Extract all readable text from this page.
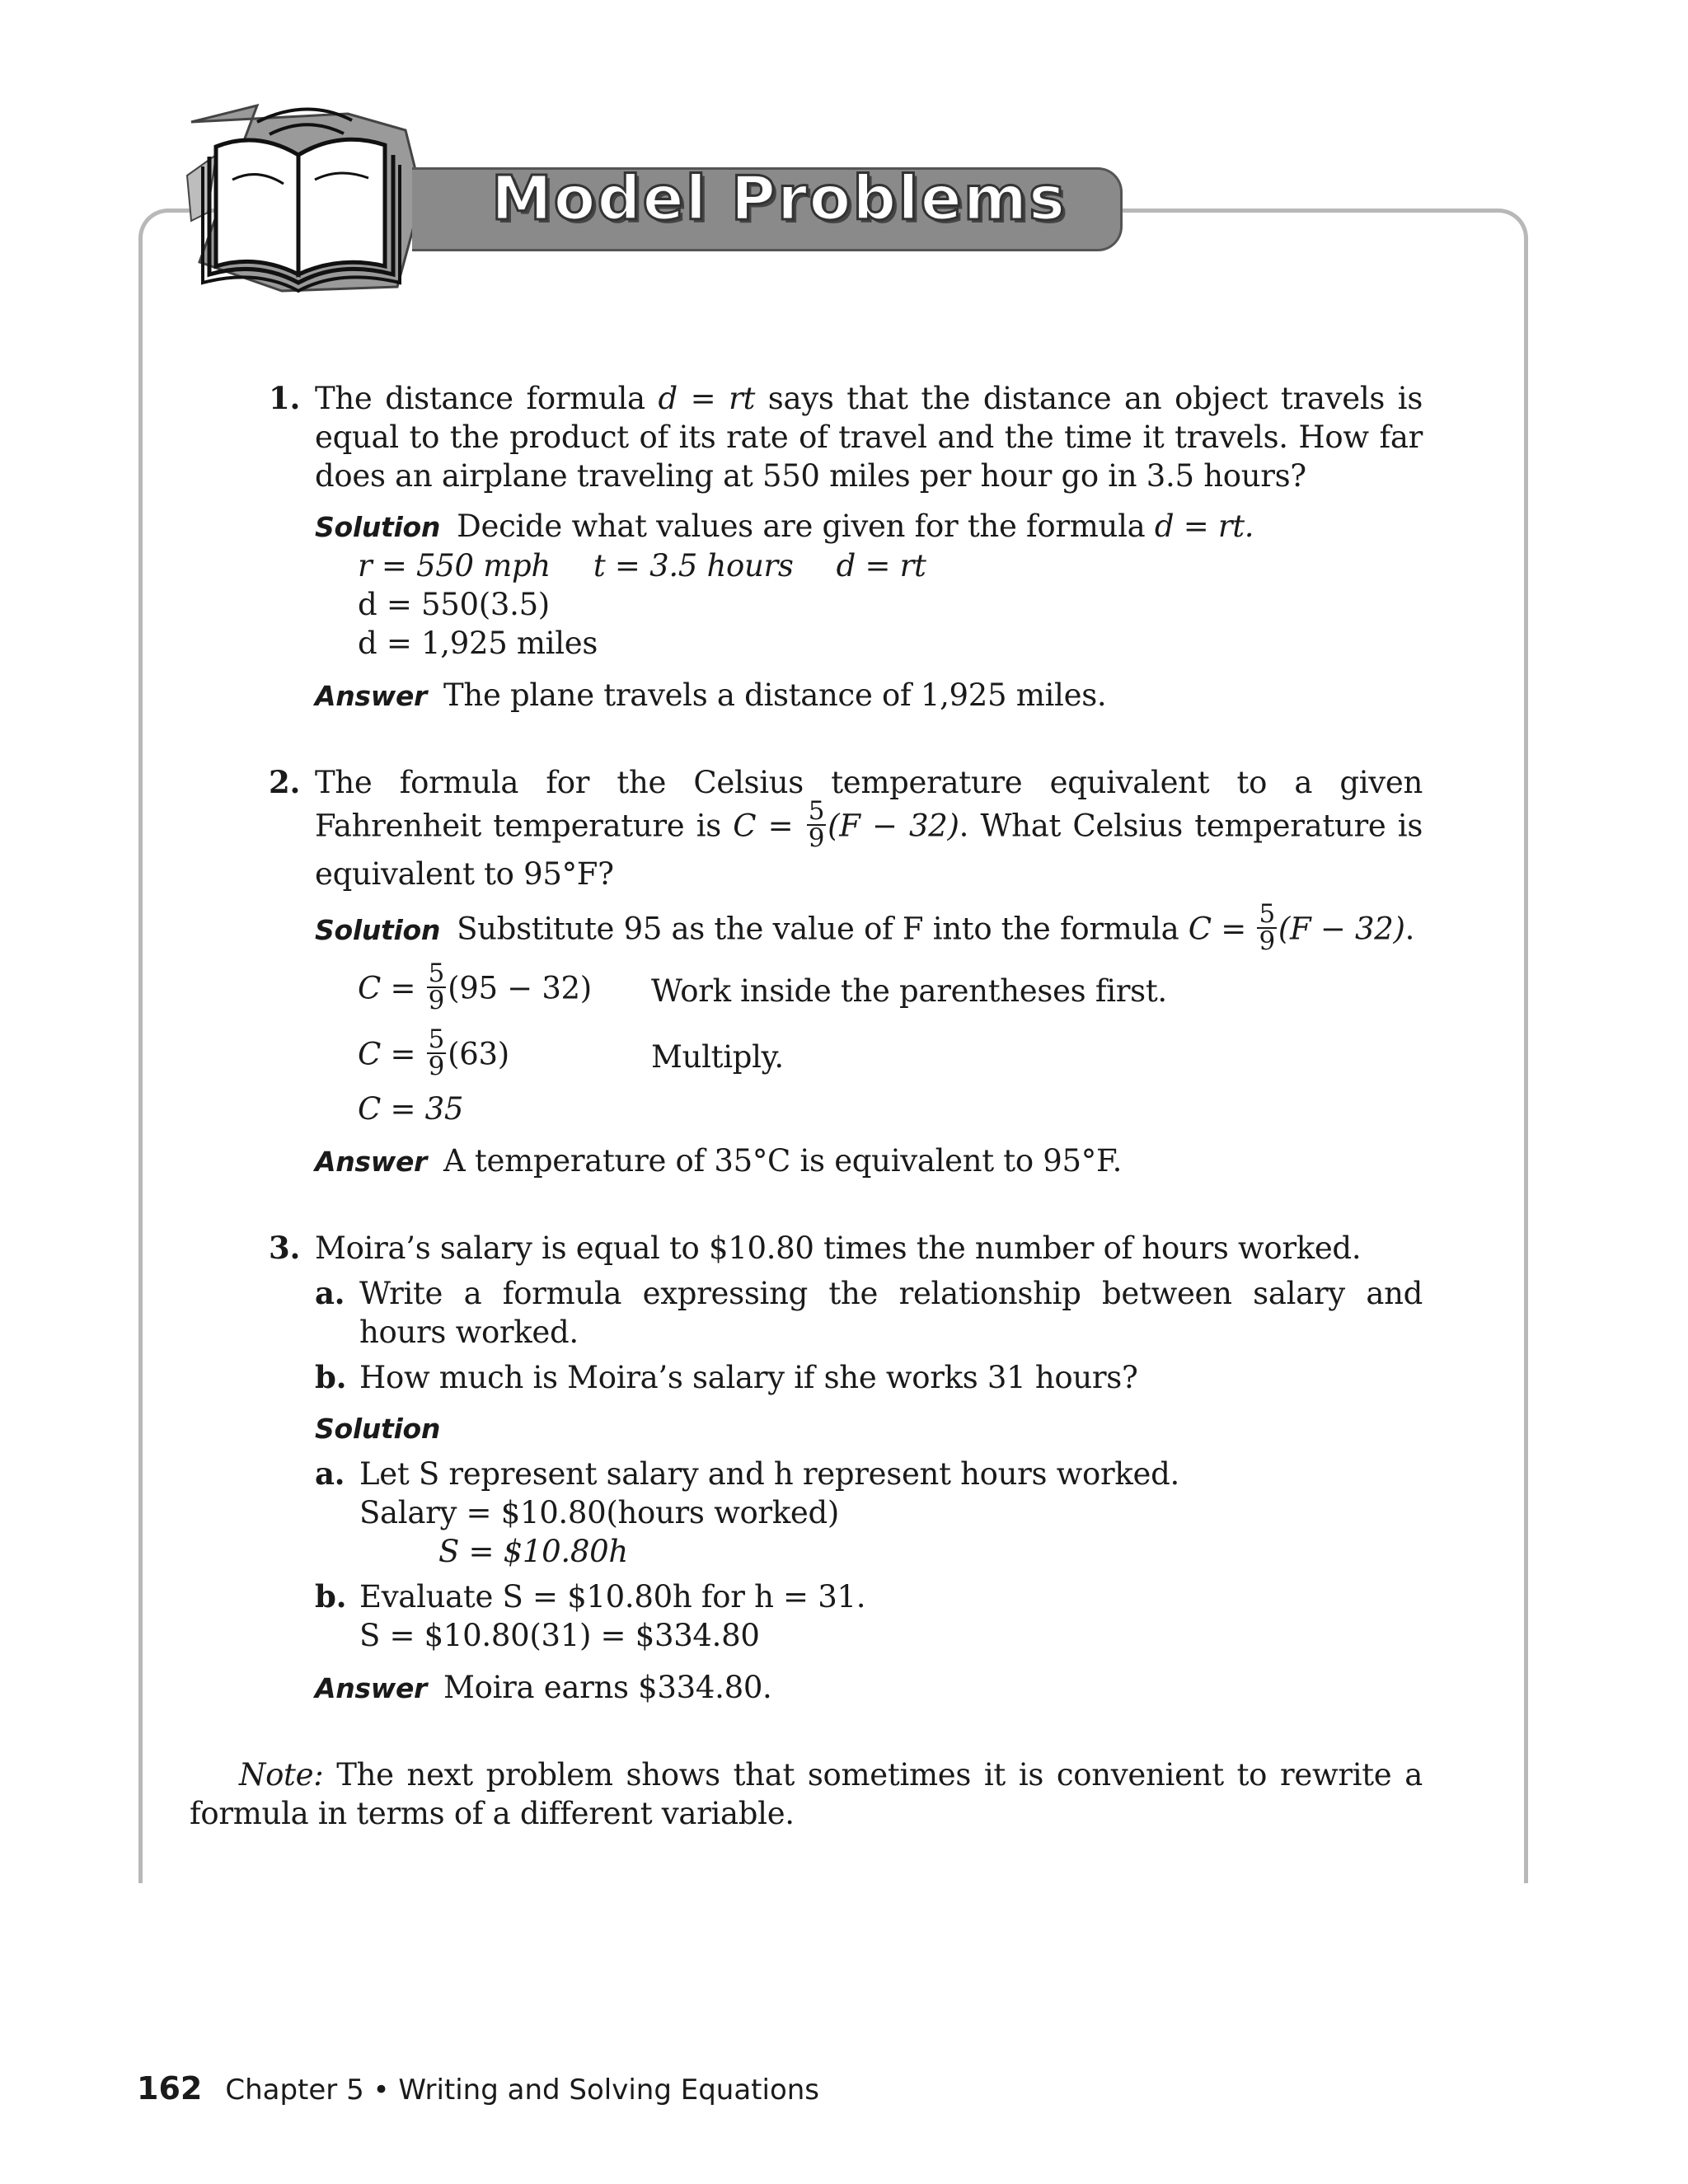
Model Problems
1. The distance formula d = rt says that the distance an object travels is equal to the product of its rate of travel and the time it travels. How far does an airplane traveling at 550 miles per hour go in 3.5 hours?
Solution Decide what values are given for the formula d = rt.
r = 550 mph t = 3.5 hours d = rt
d = 550(3.5)
d = 1,925 miles
Answer The plane travels a distance of 1,925 miles.
2. The formula for the Celsius temperature equivalent to a given Fahrenheit temperature is $C = \frac{5}{9} (F - 32)$. What Celsius temperature is equivalent to 95°F?
Solution Substitute 95 as the value of F into the formula $C = \frac{5}{9} (F - 32)$.
$C = \frac{5}{9} (95 - 32)$	Work inside the parentheses first.
$C = \frac{5}{9} (63)$	Multiply.
C = 35
Answer A temperature of 35°C is equivalent to 95°F.
3. Moira’s salary is equal to $10.80 times the number of hours worked.
a. Write a formula expressing the relationship between salary and hours worked.
b. How much is Moira’s salary if she works 31 hours?
Solution
a. Let S represent salary and h represent hours worked.
Salary = $10.80(hours worked)
S = $10.80h
b. Evaluate S = $10.80h for h = 31.
S = $10.80(31) = $334.80
Answer Moira earns $334.80.
Note: The next problem shows that sometimes it is convenient to rewrite a formula in terms of a different variable.
162 Chapter 5 • Writing and Solving Equations
